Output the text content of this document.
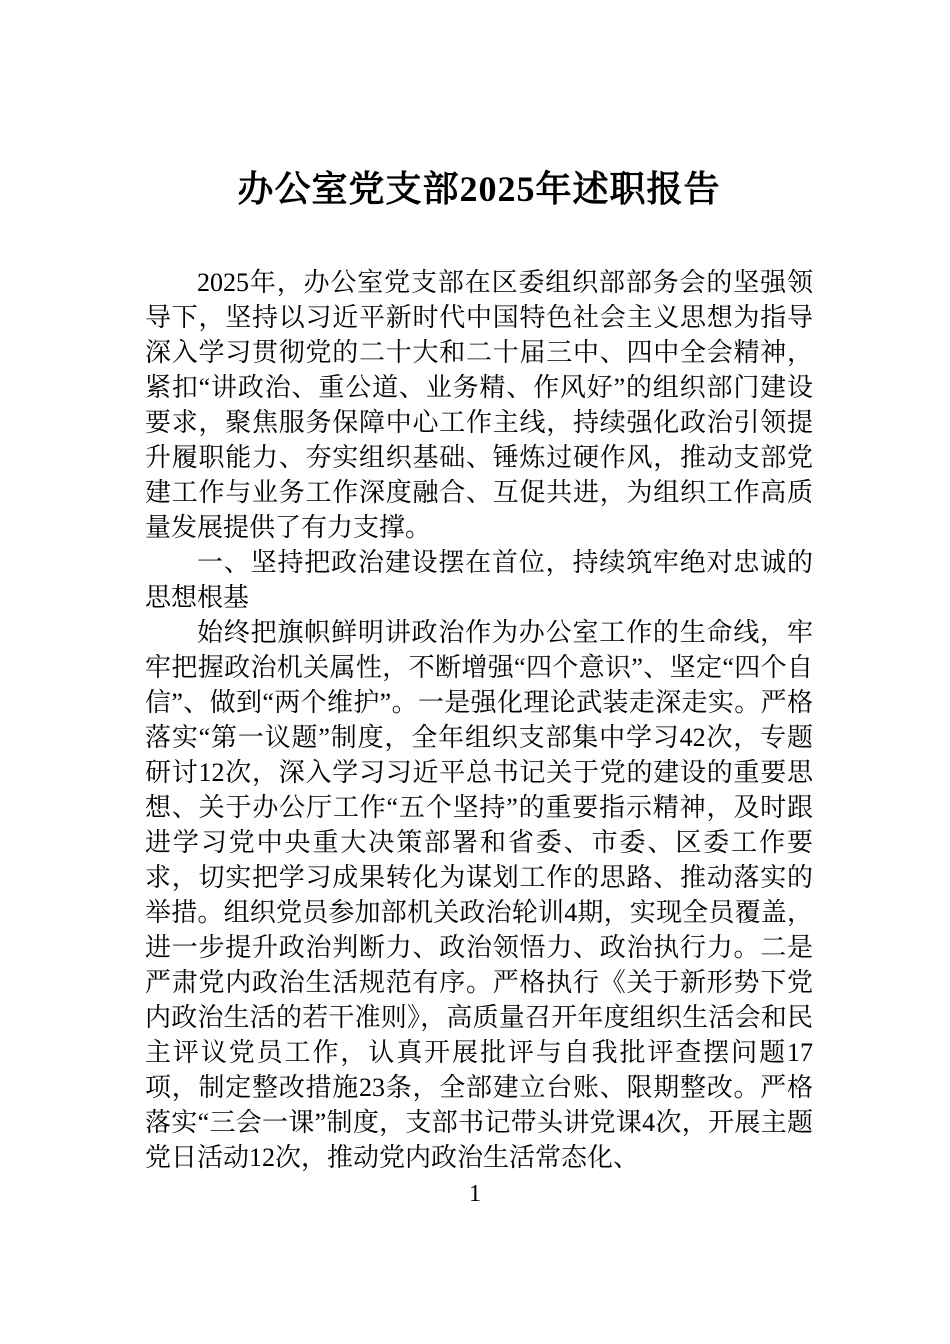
办公室党支部2025年述职报告

2025年，办公室党支部在区委组织部部务会的坚强领导下，坚持以习近平新时代中国特色社会主义思想为指导深入学习贯彻党的二十大和二十届三中、四中全会精神，紧扣“讲政治、重公道、业务精、作风好”的组织部门建设要求，聚焦服务保障中心工作主线，持续强化政治引领提升履职能力、夯实组织基础、锤炼过硬作风，推动支部党建工作与业务工作深度融合、互促共进，为组织工作高质量发展提供了有力支撑。

一、坚持把政治建设摆在首位，持续筑牢绝对忠诚的思想根基

始终把旗帜鲜明讲政治作为办公室工作的生命线，牢牢把握政治机关属性，不断增强“四个意识”、坚定“四个自信”、做到“两个维护”。一是强化理论武装走深走实。严格落实“第一议题”制度，全年组织支部集中学习42次，专题研讨12次，深入学习习近平总书记关于党的建设的重要思想、关于办公厅工作“五个坚持”的重要指示精神，及时跟进学习党中央重大决策部署和省委、市委、区委工作要求，切实把学习成果转化为谋划工作的思路、推动落实的举措。组织党员参加部机关政治轮训4期，实现全员覆盖，进一步提升政治判断力、政治领悟力、政治执行力。二是严肃党内政治生活规范有序。严格执行《关于新形势下党内政治生活的若干准则》，高质量召开年度组织生活会和民主评议党员工作，认真开展批评与自我批评查摆问题17项，制定整改措施23条，全部建立台账、限期整改。严格落实“三会一课”制度，支部书记带头讲党课4次，开展主题党日活动12次，推动党内政治生活常态化、

1
